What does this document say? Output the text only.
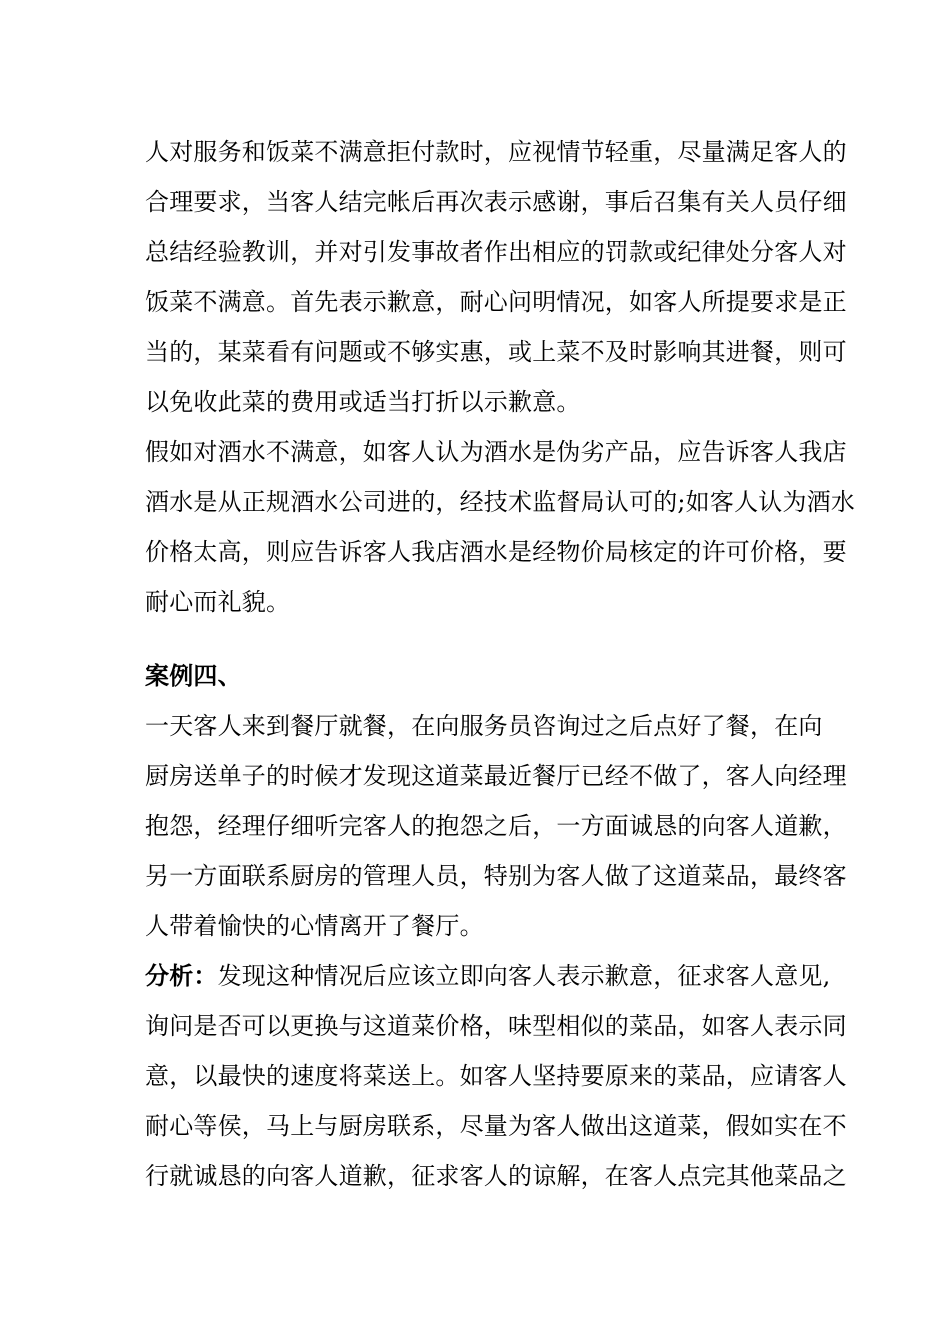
人对服务和饭菜不满意拒付款时，应视情节轻重，尽量满足客人的
合理要求，当客人结完帐后再次表示感谢，事后召集有关人员仔细
总结经验教训，并对引发事故者作出相应的罚款或纪律处分客人对
饭菜不满意。首先表示歉意，耐心问明情况，如客人所提要求是正
当的，某菜看有问题或不够实惠，或上菜不及时影响其进餐，则可
以免收此菜的费用或适当打折以示歉意。
假如对酒水不满意，如客人认为酒水是伪劣产品，应告诉客人我店
酒水是从正规酒水公司进的，经技术监督局认可的;如客人认为酒水
价格太高，则应告诉客人我店酒水是经物价局核定的许可价格，要
耐心而礼貌。
案例四、
一天客人来到餐厅就餐，在向服务员咨询过之后点好了餐，在向
厨房送单子的时候才发现这道菜最近餐厅已经不做了，客人向经理
抱怨，经理仔细听完客人的抱怨之后，一方面诚恳的向客人道歉，
另一方面联系厨房的管理人员，特别为客人做了这道菜品，最终客
人带着愉快的心情离开了餐厅。
分析：发现这种情况后应该立即向客人表示歉意，征求客人意见,
询问是否可以更换与这道菜价格，味型相似的菜品，如客人表示同
意，以最快的速度将菜送上。如客人坚持要原来的菜品，应请客人
耐心等侯，马上与厨房联系，尽量为客人做出这道菜，假如实在不
行就诚恳的向客人道歉，征求客人的谅解，在客人点完其他菜品之
